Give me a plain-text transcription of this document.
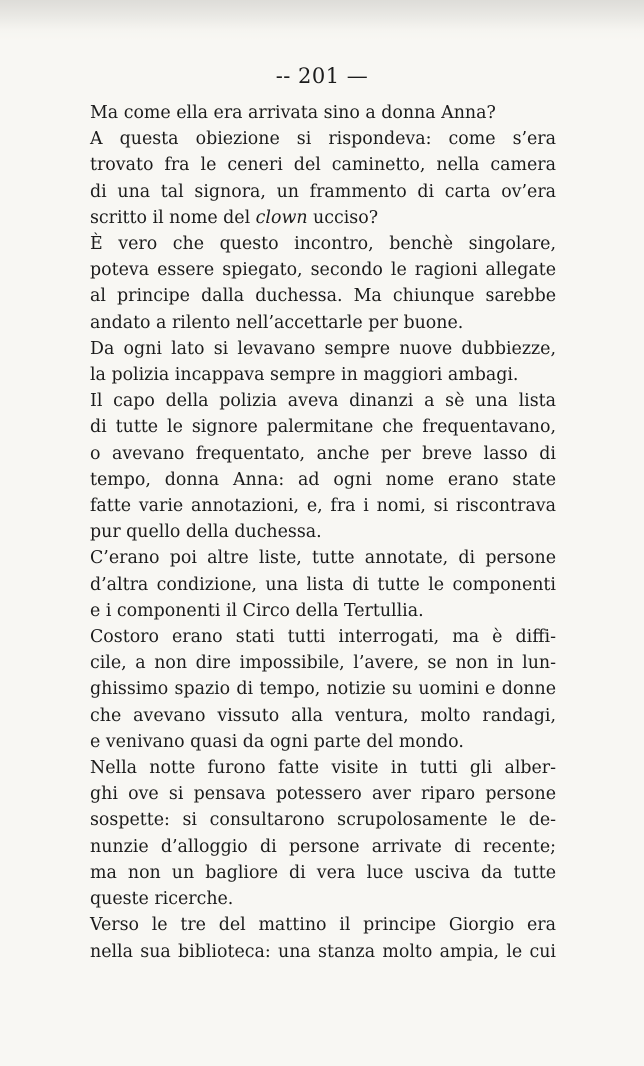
-- 201 —

Ma come ella era arrivata sino a donna Anna?

A questa obiezione si rispondeva: come s’era
trovato fra le ceneri del caminetto, nella camera
di una tal signora, un frammento di carta ov’era
scritto il nome del clown ucciso?

È vero che questo incontro, benchè singolare,
poteva essere spiegato, secondo le ragioni allegate
al principe dalla duchessa. Ma chiunque sarebbe
andato a rilento nell’accettarle per buone.

Da ogni lato si levavano sempre nuove dubbiezze,
la polizia incappava sempre in maggiori ambagi.

Il capo della polizia aveva dinanzi a sè una lista
di tutte le signore palermitane che frequentavano,
o avevano frequentato, anche per breve lasso di
tempo, donna Anna: ad ogni nome erano state
fatte varie annotazioni, e, fra i nomi, si riscontrava
pur quello della duchessa.

C’erano poi altre liste, tutte annotate, di persone
d’altra condizione, una lista di tutte le componenti
e i componenti il Circo della Tertullia.

Costoro erano stati tutti interrogati, ma è diffi-
cile, a non dire impossibile, l’avere, se non in lun-
ghissimo spazio di tempo, notizie su uomini e donne
che avevano vissuto alla ventura, molto randagi,
e venivano quasi da ogni parte del mondo.

Nella notte furono fatte visite in tutti gli alber-
ghi ove si pensava potessero aver riparo persone
sospette: si consultarono scrupolosamente le de-
nunzie d’alloggio di persone arrivate di recente;
ma non un bagliore di vera luce usciva da tutte
queste ricerche.

Verso le tre del mattino il principe Giorgio era
nella sua biblioteca: una stanza molto ampia, le cui
